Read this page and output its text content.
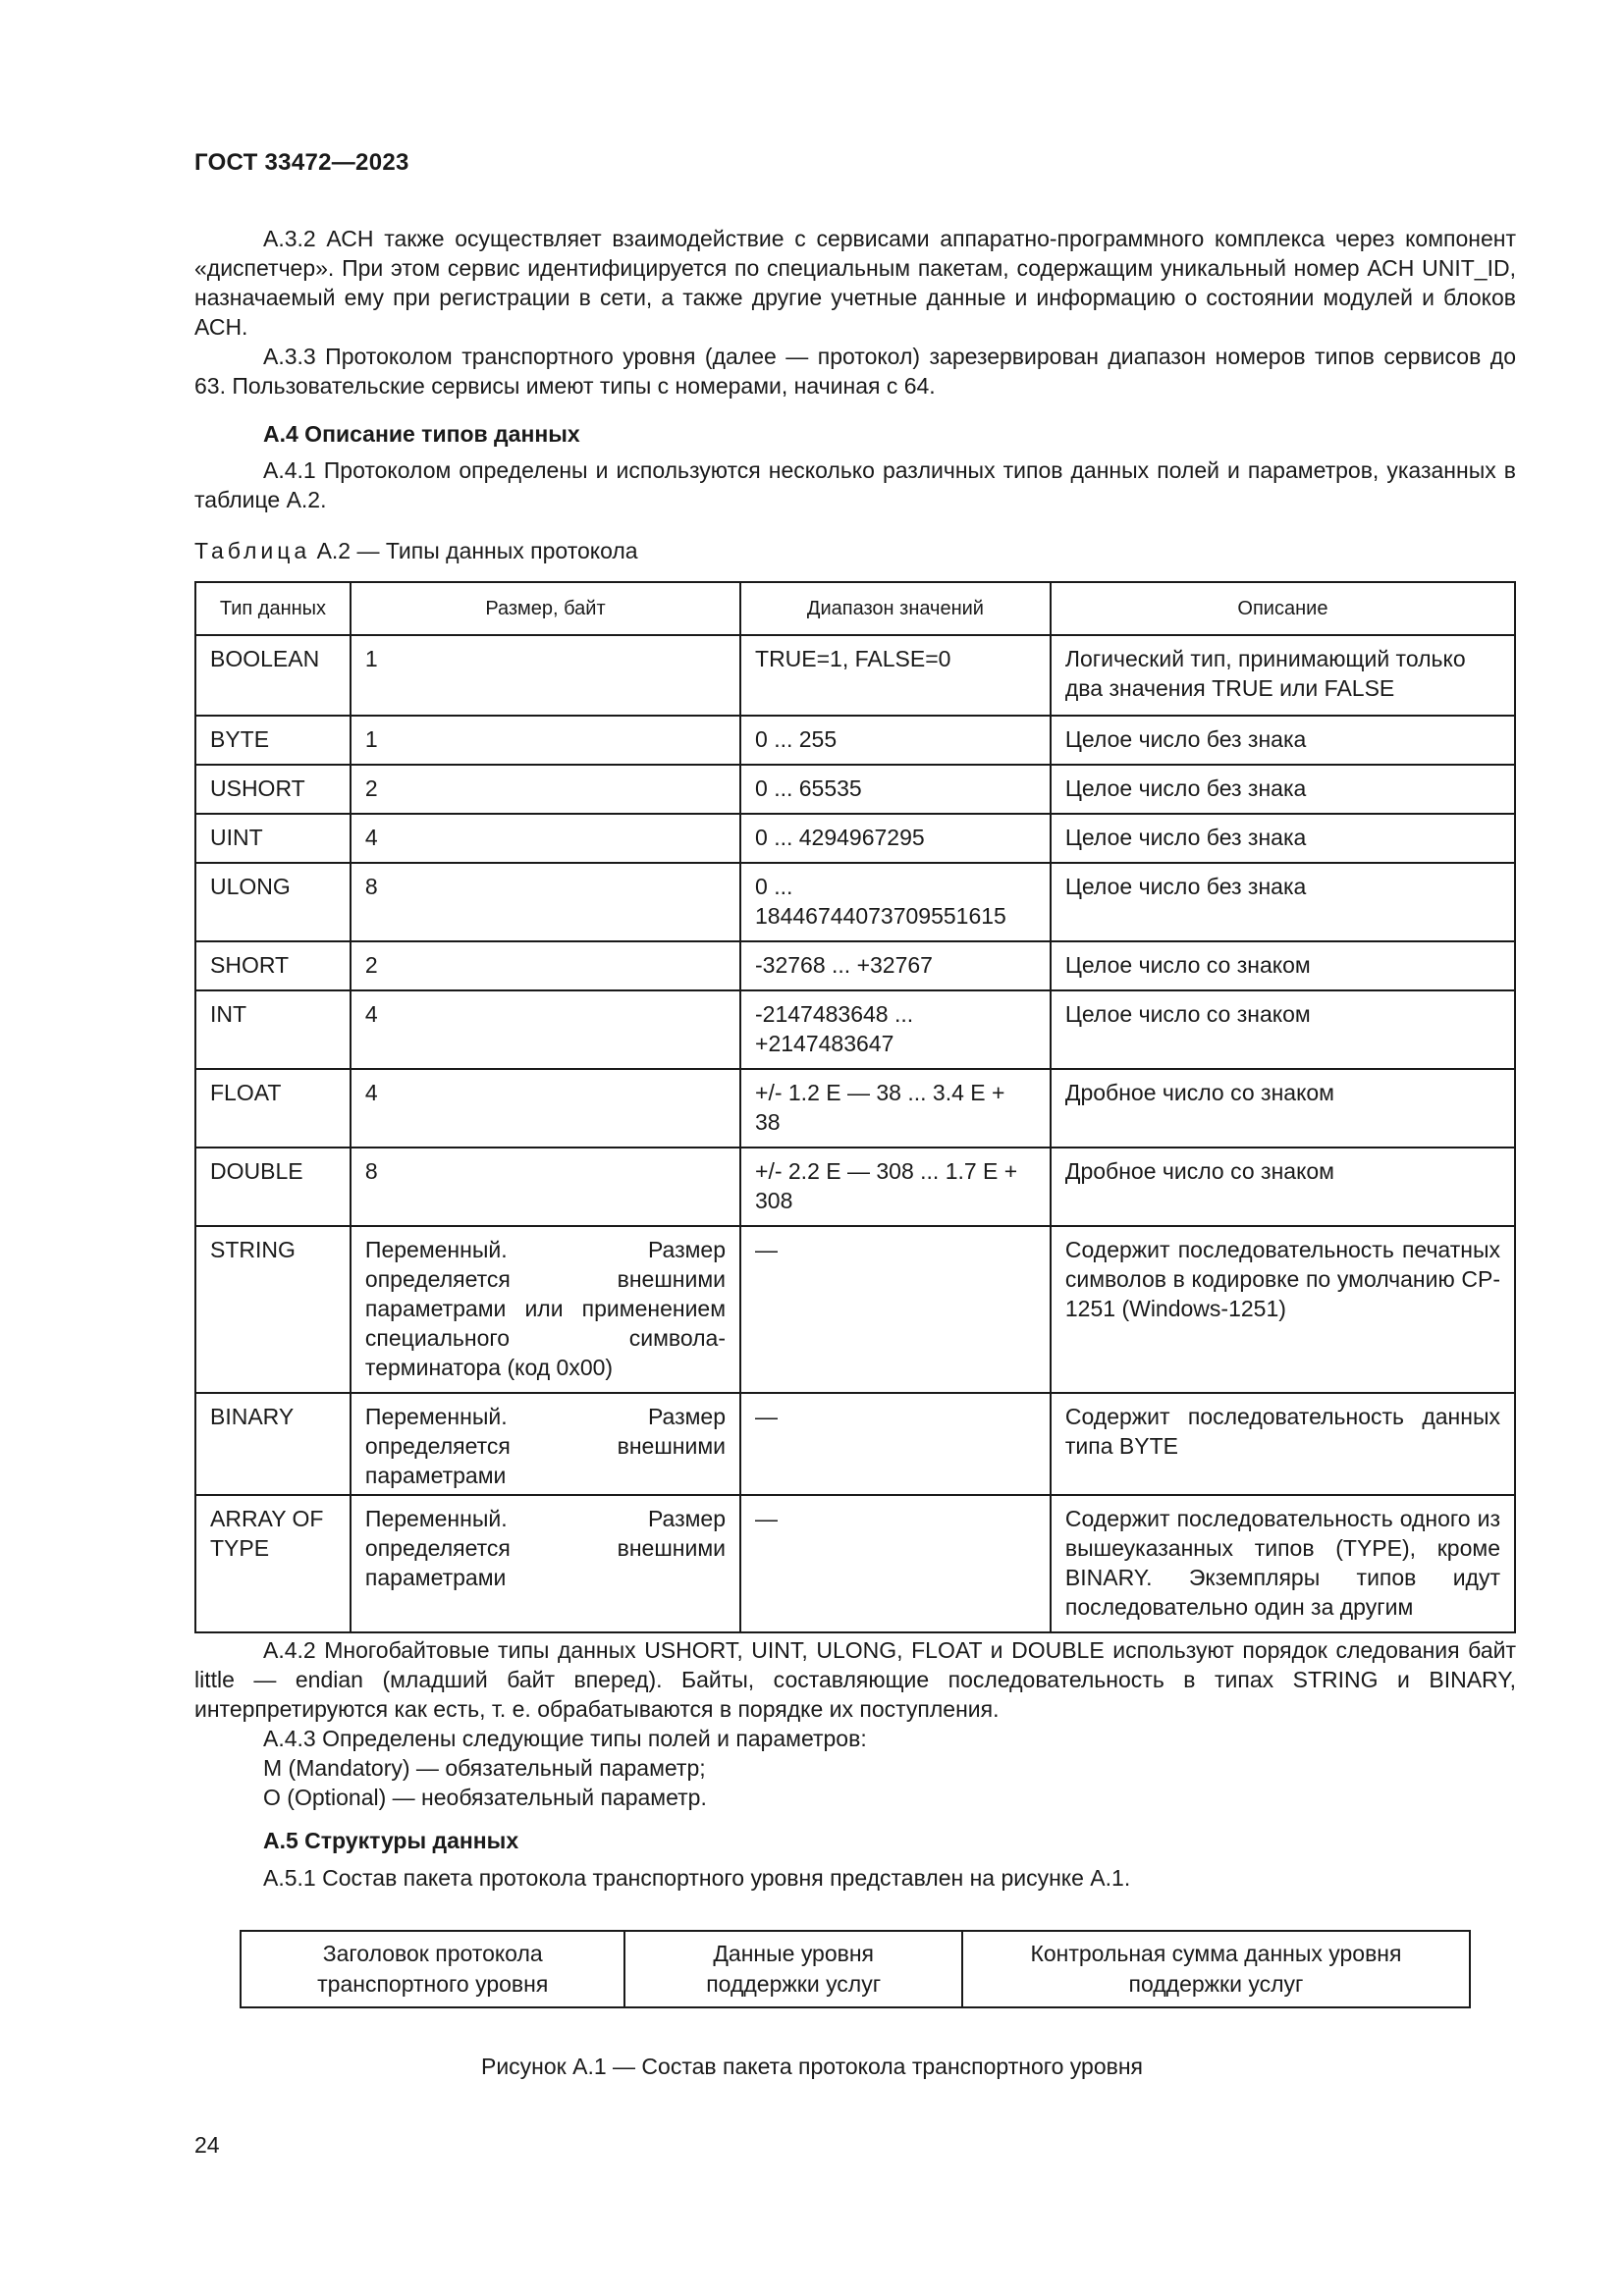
ГОСТ 33472—2023

А.3.2 АСН также осуществляет взаимодействие с сервисами аппаратно-программного комплекса через компонент «диспетчер». При этом сервис идентифицируется по специальным пакетам, содержащим уникальный номер АСН UNIT_ID, назначаемый ему при регистрации в сети, а также другие учетные данные и информацию о состоянии модулей и блоков АСН.

А.3.3 Протоколом транспортного уровня (далее — протокол) зарезервирован диапазон номеров типов сервисов до 63. Пользовательские сервисы имеют типы с номерами, начиная с 64.

А.4 Описание типов данных

А.4.1 Протоколом определены и используются несколько различных типов данных полей и параметров, указанных в таблице А.2.

Таблица А.2 — Типы данных протокола
Тип данных	Размер, байт	Диапазон значений	Описание
BOOLEAN	1	TRUE=1, FALSE=0	Логический тип, принимающий только два значения TRUE или FALSE
BYTE	1	0 ... 255	Целое число без знака
USHORT	2	0 ... 65535	Целое число без знака
UINT	4	0 ... 4294967295	Целое число без знака
ULONG	8	0 ... 18446744073709551615	Целое число без знака
SHORT	2	-32768 ... +32767	Целое число со знаком
INT	4	-2147483648 ... +2147483647	Целое число со знаком
FLOAT	4	+/- 1.2 E — 38 ... 3.4 E + 38	Дробное число со знаком
DOUBLE	8	+/- 2.2 E — 308 ... 1.7 E + 308	Дробное число со знаком
STRING	Переменный. Размер определяется внешними параметрами или применением специального символа-терминатора (код 0х00)	—	Содержит последовательность печатных символов в кодировке по умолчанию CP-1251 (Windows-1251)
BINARY	Переменный. Размер определяется внешними параметрами	—	Содержит последовательность данных типа BYTE
ARRAY OF TYPE	Переменный. Размер определяется внешними параметрами	—	Содержит последовательность одного из вышеуказанных типов (TYPE), кроме BINARY. Экземпляры типов идут последовательно один за другим

А.4.2 Многобайтовые типы данных USHORT, UINT, ULONG, FLOAT и DOUBLE используют порядок следования байт little — endian (младший байт вперед). Байты, составляющие последовательность в типах STRING и BINARY, интерпретируются как есть, т. е. обрабатываются в порядке их поступления.

А.4.3 Определены следующие типы полей и параметров:
M (Mandatory) — обязательный параметр;
O (Optional) — необязательный параметр.
А.5 Структуры данных
А.5.1 Состав пакета протокола транспортного уровня представлен на рисунке А.1.
Заголовок протокола
транспортного уровня

Данные уровня
поддержки услуг

Контрольная сумма данных уровня
поддержки услуг
Рисунок А.1 — Состав пакета протокола транспортного уровня
24
